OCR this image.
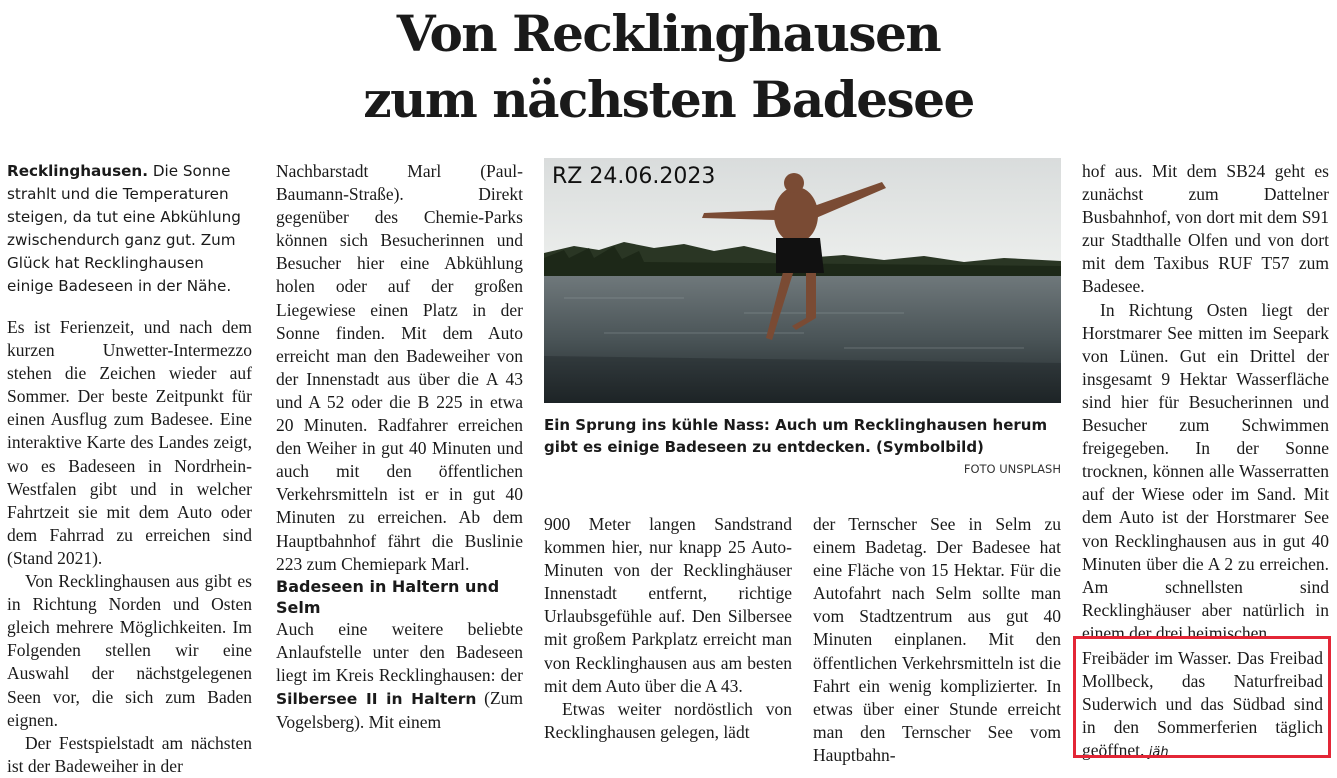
Von Recklinghausen
zum nächsten Badesee

Recklinghausen. Die Sonne strahlt und die Temperaturen steigen, da tut eine Abkühlung zwischendurch ganz gut. Zum Glück hat Recklinghausen einige Badeseen in der Nähe.

Es ist Ferienzeit, und nach dem kurzen Unwetter-Intermezzo stehen die Zeichen wieder auf Sommer. Der beste Zeitpunkt für einen Ausflug zum Badesee. Eine interaktive Karte des Landes zeigt, wo es Badeseen in Nordrhein-Westfalen gibt und in welcher Fahrtzeit sie mit dem Auto oder dem Fahrrad zu erreichen sind (Stand 2021).

Von Recklinghausen aus gibt es in Richtung Norden und Osten gleich mehrere Möglichkeiten. Im Folgenden stellen wir eine Auswahl der nächstgelegenen Seen vor, die sich zum Baden eignen.

Der Festspielstadt am nächsten ist der Badeweiher in der

Nachbarstadt Marl (Paul-Baumann-Straße). Direkt gegenüber des Chemie-Parks können sich Besucherinnen und Besucher hier eine Abkühlung holen oder auf der großen Liegewiese einen Platz in der Sonne finden. Mit dem Auto erreicht man den Badeweiher von der Innenstadt aus über die A 43 und A 52 oder die B 225 in etwa 20 Minuten. Radfahrer erreichen den Weiher in gut 40 Minuten und auch mit den öffentlichen Verkehrsmitteln ist er in gut 40 Minuten zu erreichen. Ab dem Hauptbahnhof fährt die Buslinie 223 zum Chemiepark Marl.

Badeseen in Haltern und Selm

Auch eine weitere beliebte Anlaufstelle unter den Badeseen liegt im Kreis Recklinghausen: der Silbersee II in Haltern (Zum Vogelsberg). Mit einem

RZ 24.06.2023
Ein Sprung ins kühle Nass: Auch um Recklinghausen herum gibt es einige Badeseen zu entdecken. (Symbolbild)
FOTO UNSPLASH

900 Meter langen Sandstrand kommen hier, nur knapp 25 Auto-Minuten von der Recklinghäuser Innenstadt entfernt, richtige Urlaubsgefühle auf. Den Silbersee mit großem Parkplatz erreicht man von Recklinghausen aus am besten mit dem Auto über die A 43.

Etwas weiter nordöstlich von Recklinghausen gelegen, lädt

der Ternscher See in Selm zu einem Badetag. Der Badesee hat eine Fläche von 15 Hektar. Für die Autofahrt nach Selm sollte man vom Stadtzentrum aus gut 40 Minuten einplanen. Mit den öffentlichen Verkehrsmitteln ist die Fahrt ein wenig komplizierter. In etwas über einer Stunde erreicht man den Ternscher See vom Hauptbahn-

hof aus. Mit dem SB24 geht es zunächst zum Dattelner Busbahnhof, von dort mit dem S91 zur Stadthalle Olfen und von dort mit dem Taxibus RUF T57 zum Badesee.

In Richtung Osten liegt der Horstmarer See mitten im Seepark von Lünen. Gut ein Drittel der insgesamt 9 Hektar Wasserfläche sind hier für Besucherinnen und Besucher zum Schwimmen freigegeben. In der Sonne trocknen, können alle Wasserratten auf der Wiese oder im Sand. Mit dem Auto ist der Horstmarer See von Recklinghausen aus in gut 40 Minuten über die A 2 zu erreichen. Am schnellsten sind Recklinghäuser aber natürlich in einem der drei heimischen

Freibäder im Wasser. Das Freibad Mollbeck, das Naturfreibad Suderwich und das Südbad sind in den Sommerferien täglich geöffnet. jäh
